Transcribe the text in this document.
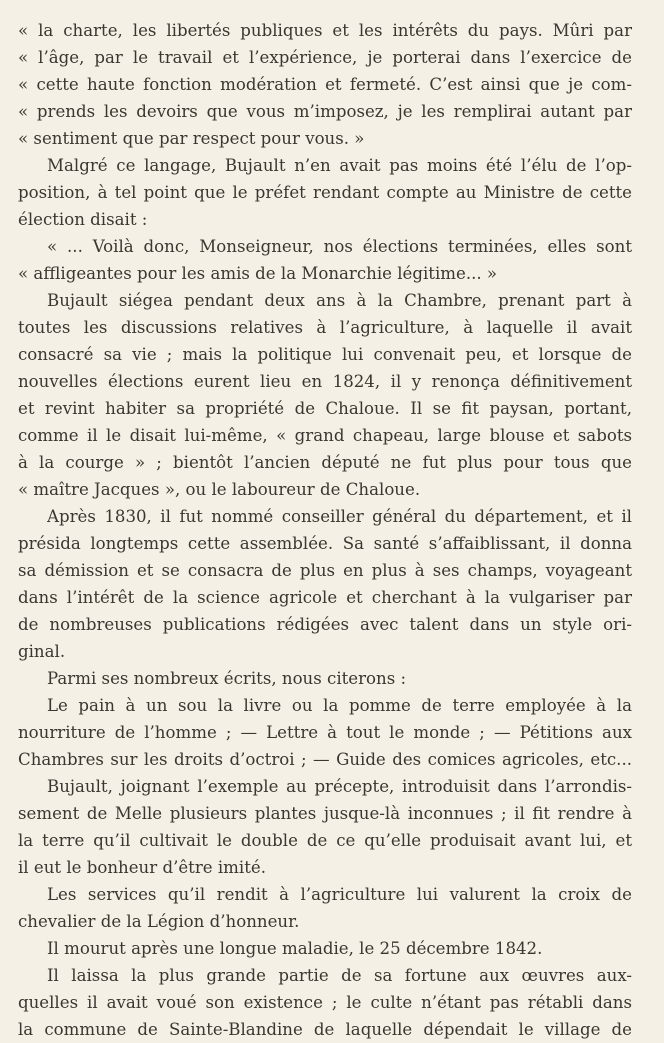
« la charte, les libertés publiques et les intérêts du pays. Mûri par
« l’âge, par le travail et l’expérience, je porterai dans l’exercice de
« cette haute fonction modération et fermeté. C’est ainsi que je com-
« prends les devoirs que vous m’imposez, je les remplirai autant par
« sentiment que par respect pour vous. »
Malgré ce langage, Bujault n’en avait pas moins été l’élu de l’op-
position, à tel point que le préfet rendant compte au Ministre de cette
élection disait :
« ... Voilà donc, Monseigneur, nos élections terminées, elles sont
« affligeantes pour les amis de la Monarchie légitime... »
Bujault siégea pendant deux ans à la Chambre, prenant part à
toutes les discussions relatives à l’agriculture, à laquelle il avait
consacré sa vie ; mais la politique lui convenait peu, et lorsque de
nouvelles élections eurent lieu en 1824, il y renonça définitivement
et revint habiter sa propriété de Chaloue. Il se fit paysan, portant,
comme il le disait lui-même, « grand chapeau, large blouse et sabots
à la courge » ; bientôt l’ancien député ne fut plus pour tous que
« maître Jacques », ou le laboureur de Chaloue.
Après 1830, il fut nommé conseiller général du département, et il
présida longtemps cette assemblée. Sa santé s’affaiblissant, il donna
sa démission et se consacra de plus en plus à ses champs, voyageant
dans l’intérêt de la science agricole et cherchant à la vulgariser par
de nombreuses publications rédigées avec talent dans un style ori-
ginal.
Parmi ses nombreux écrits, nous citerons :
Le pain à un sou la livre ou la pomme de terre employée à la
nourriture de l’homme ; — Lettre à tout le monde ; — Pétitions aux
Chambres sur les droits d’octroi ; — Guide des comices agricoles, etc...
Bujault, joignant l’exemple au précepte, introduisit dans l’arrondis-
sement de Melle plusieurs plantes jusque-là inconnues ; il fit rendre à
la terre qu’il cultivait le double de ce qu’elle produisait avant lui, et
il eut le bonheur d’être imité.
Les services qu’il rendit à l’agriculture lui valurent la croix de
chevalier de la Légion d’honneur.
Il mourut après une longue maladie, le 25 décembre 1842.
Il laissa la plus grande partie de sa fortune aux œuvres aux-
quelles il avait voué son existence ; le culte n’étant pas rétabli dans
la commune de Sainte-Blandine de laquelle dépendait le village de
